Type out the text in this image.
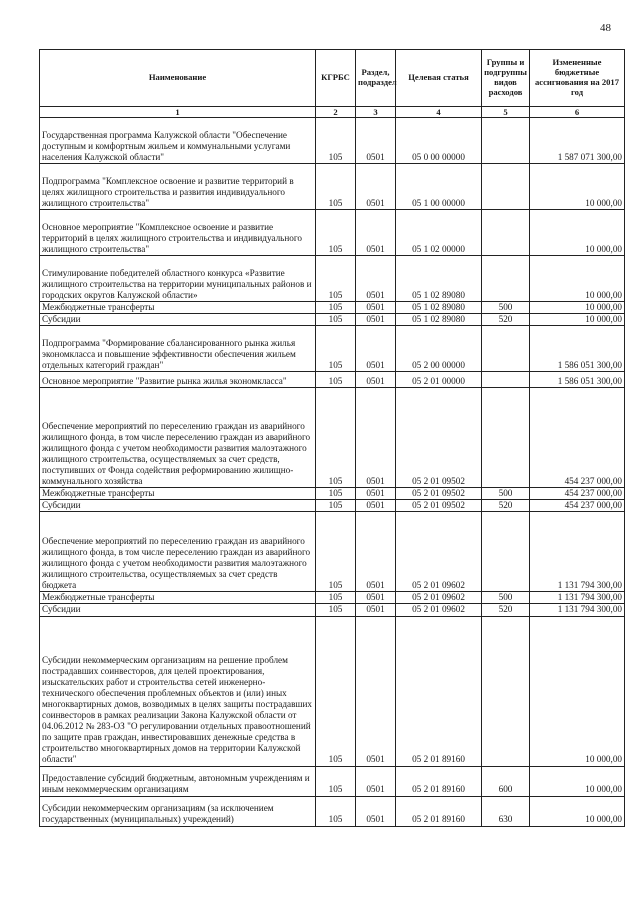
48
Наименование	КГРБС	Раздел, подраздел	Целевая статья	Группы и подгруппы видов расходов	Измененные бюджетные ассигнования на 2017 год
1	2	3	4	5	6
Государственная программа Калужской области "Обеспечение доступным и комфортным жильем и коммунальными услугами населения Калужской области"	105	0501	05 0 00 00000		1 587 071 300,00
Подпрограмма "Комплексное освоение и развитие территорий в целях жилищного строительства и развития индивидуального жилищного строительства"	105	0501	05 1 00 00000		10 000,00
Основное мероприятие "Комплексное освоение и развитие территорий в целях жилищного строительства и индивидуального жилищного строительства"	105	0501	05 1 02 00000		10 000,00
Стимулирование победителей областного конкурса «Развитие жилищного строительства на территории муниципальных районов и городских округов Калужской области»	105	0501	05 1 02 89080		10 000,00
Межбюджетные трансферты	105	0501	05 1 02 89080	500	10 000,00
Субсидии	105	0501	05 1 02 89080	520	10 000,00
Подпрограмма "Формирование сбалансированного рынка жилья экономкласса и повышение эффективности обеспечения жильем отдельных категорий граждан"	105	0501	05 2 00 00000		1 586 051 300,00
Основное мероприятие "Развитие рынка жилья экономкласса"	105	0501	05 2 01 00000		1 586 051 300,00
Обеспечение мероприятий по переселению граждан из аварийного жилищного фонда, в том числе переселению граждан из аварийного жилищного фонда с учетом необходимости развития малоэтажного жилищного строительства, осуществляемых за счет средств, поступивших от Фонда содействия реформированию жилищно-коммунального хозяйства	105	0501	05 2 01 09502		454 237 000,00
Межбюджетные трансферты	105	0501	05 2 01 09502	500	454 237 000,00
Субсидии	105	0501	05 2 01 09502	520	454 237 000,00
Обеспечение мероприятий по переселению граждан из аварийного жилищного фонда, в том числе переселению граждан из аварийного жилищного фонда с учетом необходимости развития малоэтажного жилищного строительства, осуществляемых за счет средств бюджета	105	0501	05 2 01 09602		1 131 794 300,00
Межбюджетные трансферты	105	0501	05 2 01 09602	500	1 131 794 300,00
Субсидии	105	0501	05 2 01 09602	520	1 131 794 300,00
Субсидии некоммерческим организациям на решение проблем пострадавших соинвесторов, для целей проектирования, изыскательских работ и строительства сетей инженерно-технического обеспечения проблемных объектов и (или) иных многоквартирных домов, возводимых в целях защиты пострадавших соинвесторов в рамках реализации Закона Калужской области от 04.06.2012 № 283-ОЗ "О регулировании отдельных правоотношений по защите прав граждан, инвестировавших денежные средства в строительство многоквартирных домов на территории Калужской области"	105	0501	05 2 01 89160		10 000,00
Предоставление субсидий бюджетным, автономным учреждениям и иным некоммерческим организациям	105	0501	05 2 01 89160	600	10 000,00
Субсидии некоммерческим организациям (за исключением государственных (муниципальных) учреждений)	105	0501	05 2 01 89160	630	10 000,00
